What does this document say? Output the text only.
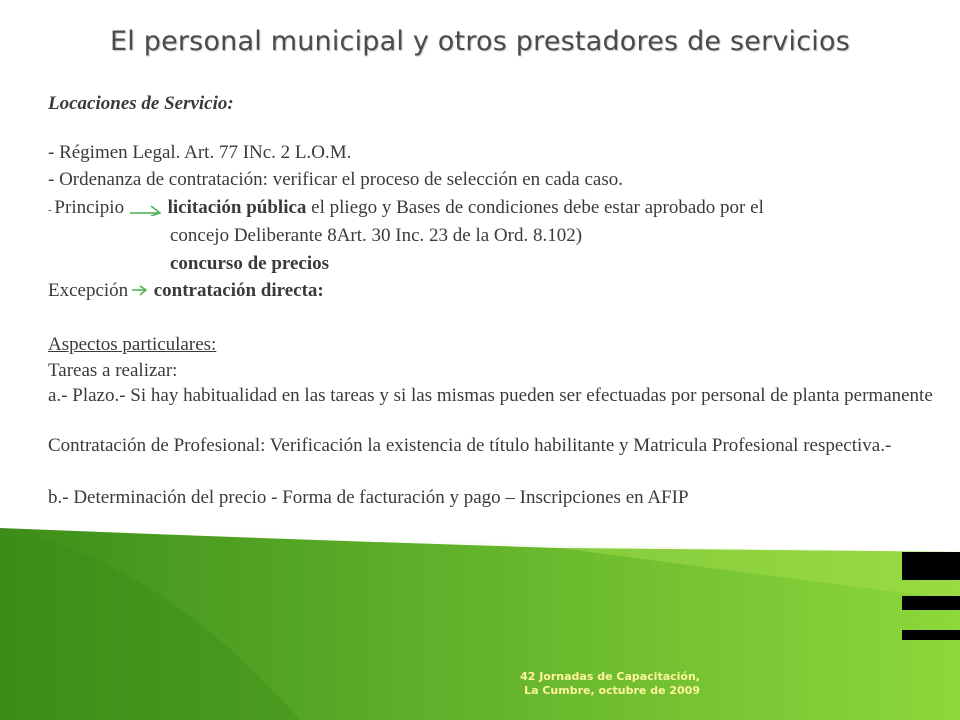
El personal municipal y otros prestadores de servicios
Locaciones de Servicio:
- Régimen Legal. Art. 77 INc. 2 L.O.M.
- Ordenanza de contratación: verificar el proceso de selección en cada caso.
- Principio licitación pública el pliego y Bases de condiciones debe estar aprobado por el
concejo Deliberante 8Art. 30 Inc. 23 de la Ord. 8.102)
concurso de precios
Excepción contratación directa:
Aspectos particulares:
Tareas a realizar:
a.- Plazo.- Si hay habitualidad en las tareas y si las mismas pueden ser efectuadas por personal de planta permanente
Contratación de Profesional: Verificación la existencia de título habilitante y Matricula Profesional respectiva.-
b.- Determinación del precio - Forma de facturación y pago – Inscripciones en AFIP
42 Jornadas de Capacitación,
La Cumbre, octubre de 2009
